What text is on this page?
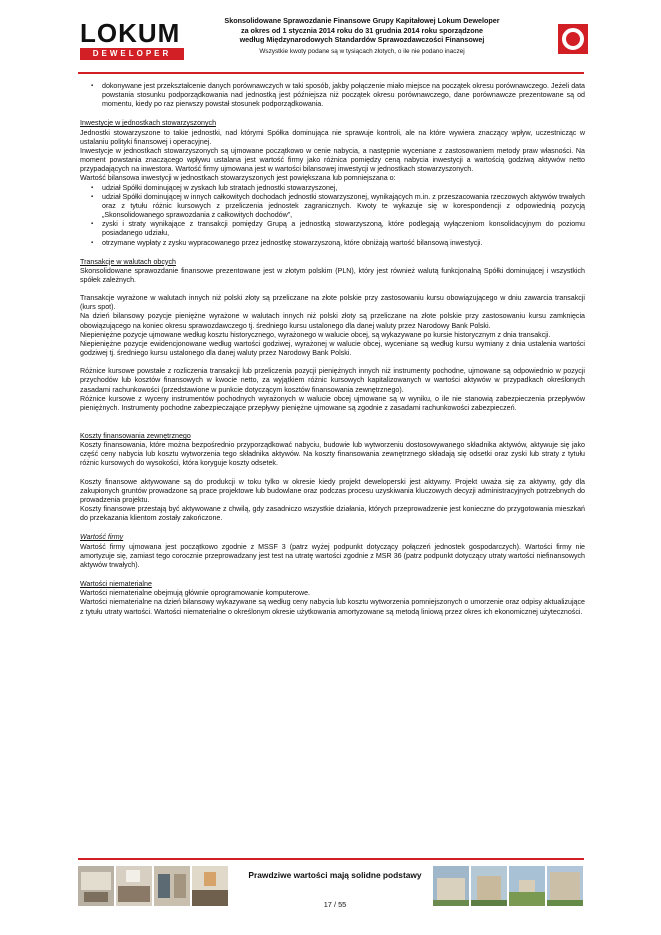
LOKUM
DEWELOPER
Skonsolidowane Sprawozdanie Finansowe Grupy Kapitałowej Lokum Deweloper
za okres od 1 stycznia 2014 roku do 31 grudnia 2014 roku sporządzone
według Międzynarodowych Standardów Sprawozdawczości Finansowej
Wszystkie kwoty podane są w tysiącach złotych, o ile nie podano inaczej
▪ dokonywane jest przekształcenie danych porównawczych w taki sposób, jakby połączenie miało miejsce na początek okresu porównawczego. Jeżeli data powstania stosunku podporządkowania nad jednostką jest późniejsza niż początek okresu porównawczego, dane porównawcze prezentowane są od momentu, kiedy po raz pierwszy powstał stosunek podporządkowania.

Inwestycje w jednostkach stowarzyszonych

Jednostki stowarzyszone to takie jednostki, nad którymi Spółka dominująca nie sprawuje kontroli, ale na które wywiera znaczący wpływ, uczestnicząc w ustalaniu polityki finansowej i operacyjnej.

Inwestycje w jednostkach stowarzyszonych są ujmowane początkowo w cenie nabycia, a następnie wyceniane z zastosowaniem metody praw własności. Na moment powstania znaczącego wpływu ustalana jest wartość firmy jako różnica pomiędzy ceną nabycia inwestycji a wartością godziwą aktywów netto przypadających na inwestora. Wartość firmy ujmowana jest w wartości bilansowej inwestycji w jednostkach stowarzyszonych.

Wartość bilansowa inwestycji w jednostkach stowarzyszonych jest powiększana lub pomniejszana o:

▪ udział Spółki dominującej w zyskach lub stratach jednostki stowarzyszonej,
▪ udział Spółki dominującej w innych całkowitych dochodach jednostki stowarzyszonej, wynikających m.in. z przeszacowania rzeczowych aktywów trwałych oraz z tytułu różnic kursowych z przeliczenia jednostek zagranicznych. Kwoty te wykazuje się w korespondencji z odpowiednią pozycją „Skonsolidowanego sprawozdania z całkowitych dochodów”,
▪ zyski i straty wynikające z transakcji pomiędzy Grupą a jednostką stowarzyszoną, które podlegają wyłączeniom konsolidacyjnym do poziomu posiadanego udziału,
▪ otrzymane wypłaty z zysku wypracowanego przez jednostkę stowarzyszoną, które obniżają wartość bilansową inwestycji.

Transakcje w walutach obcych

Skonsolidowane sprawozdanie finansowe prezentowane jest w złotym polskim (PLN), który jest również walutą funkcjonalną Spółki dominującej i wszystkich spółek zależnych.

Transakcje wyrażone w walutach innych niż polski złoty są przeliczane na złote polskie przy zastosowaniu kursu obowiązującego w dniu zawarcia transakcji (kurs spot).

Na dzień bilansowy pozycje pieniężne wyrażone w walutach innych niż polski złoty są przeliczane na złote polskie przy zastosowaniu kursu zamknięcia obowiązującego na koniec okresu sprawozdawczego tj. średniego kursu ustalonego dla danej waluty przez Narodowy Bank Polski.

Niepieniężne pozycje ujmowane według kosztu historycznego, wyrażonego w walucie obcej, są wykazywane po kursie historycznym z dnia transakcji.

Niepieniężne pozycje ewidencjonowane według wartości godziwej, wyrażonej w walucie obcej, wyceniane są według kursu wymiany z dnia ustalenia wartości godziwej tj. średniego kursu ustalonego dla danej waluty przez Narodowy Bank Polski.

Różnice kursowe powstałe z rozliczenia transakcji lub przeliczenia pozycji pieniężnych innych niż instrumenty pochodne, ujmowane są odpowiednio w pozycji przychodów lub kosztów finansowych w kwocie netto, za wyjątkiem różnic kursowych kapitalizowanych w wartości aktywów w przypadkach określonych zasadami rachunkowości (przedstawione w punkcie dotyczącym kosztów finansowania zewnętrznego).

Różnice kursowe z wyceny instrumentów pochodnych wyrażonych w walucie obcej ujmowane są w wyniku, o ile nie stanowią zabezpieczenia przepływów pieniężnych. Instrumenty pochodne zabezpieczające przepływy pieniężne ujmowane są zgodnie z zasadami rachunkowości zabezpieczeń.

Koszty finansowania zewnętrznego

Koszty finansowania, które można bezpośrednio przyporządkować nabyciu, budowie lub wytworzeniu dostosowywanego składnika aktywów, aktywuje się jako część ceny nabycia lub kosztu wytworzenia tego składnika aktywów. Na koszty finansowania zewnętrznego składają się odsetki oraz zyski lub straty z tytułu różnic kursowych do wysokości, która koryguje koszty odsetek.

Koszty finansowe aktywowane są do produkcji w toku tylko w okresie kiedy projekt deweloperski jest aktywny. Projekt uważa się za aktywny, gdy dla zakupionych gruntów prowadzone są prace projektowe lub budowlane oraz podczas procesu uzyskiwania kluczowych decyzji administracyjnych potrzebnych do prowadzenia projektu.

Koszty finansowe przestają być aktywowane z chwilą, gdy zasadniczo wszystkie działania, których przeprowadzenie jest konieczne do przygotowania mieszkań do przekazania klientom zostały zakończone.

Wartość firmy

Wartość firmy ujmowana jest początkowo zgodnie z MSSF 3 (patrz wyżej podpunkt dotyczący połączeń jednostek gospodarczych). Wartości firmy nie amortyzuje się, zamiast tego corocznie przeprowadzany jest test na utratę wartości zgodnie z MSR 36 (patrz podpunkt dotyczący utraty wartości niefinansowych aktywów trwałych).

Wartości niematerialne

Wartości niematerialne obejmują głównie oprogramowanie komputerowe.

Wartości niematerialne na dzień bilansowy wykazywane są według ceny nabycia lub kosztu wytworzenia pomniejszonych o umorzenie oraz odpisy aktualizujące z tytułu utraty wartości. Wartości niematerialne o określonym okresie użytkowania amortyzowane są metodą liniową przez okres ich ekonomicznej użyteczności.

Prawdziwe wartości mają solidne podstawy
17 / 55
